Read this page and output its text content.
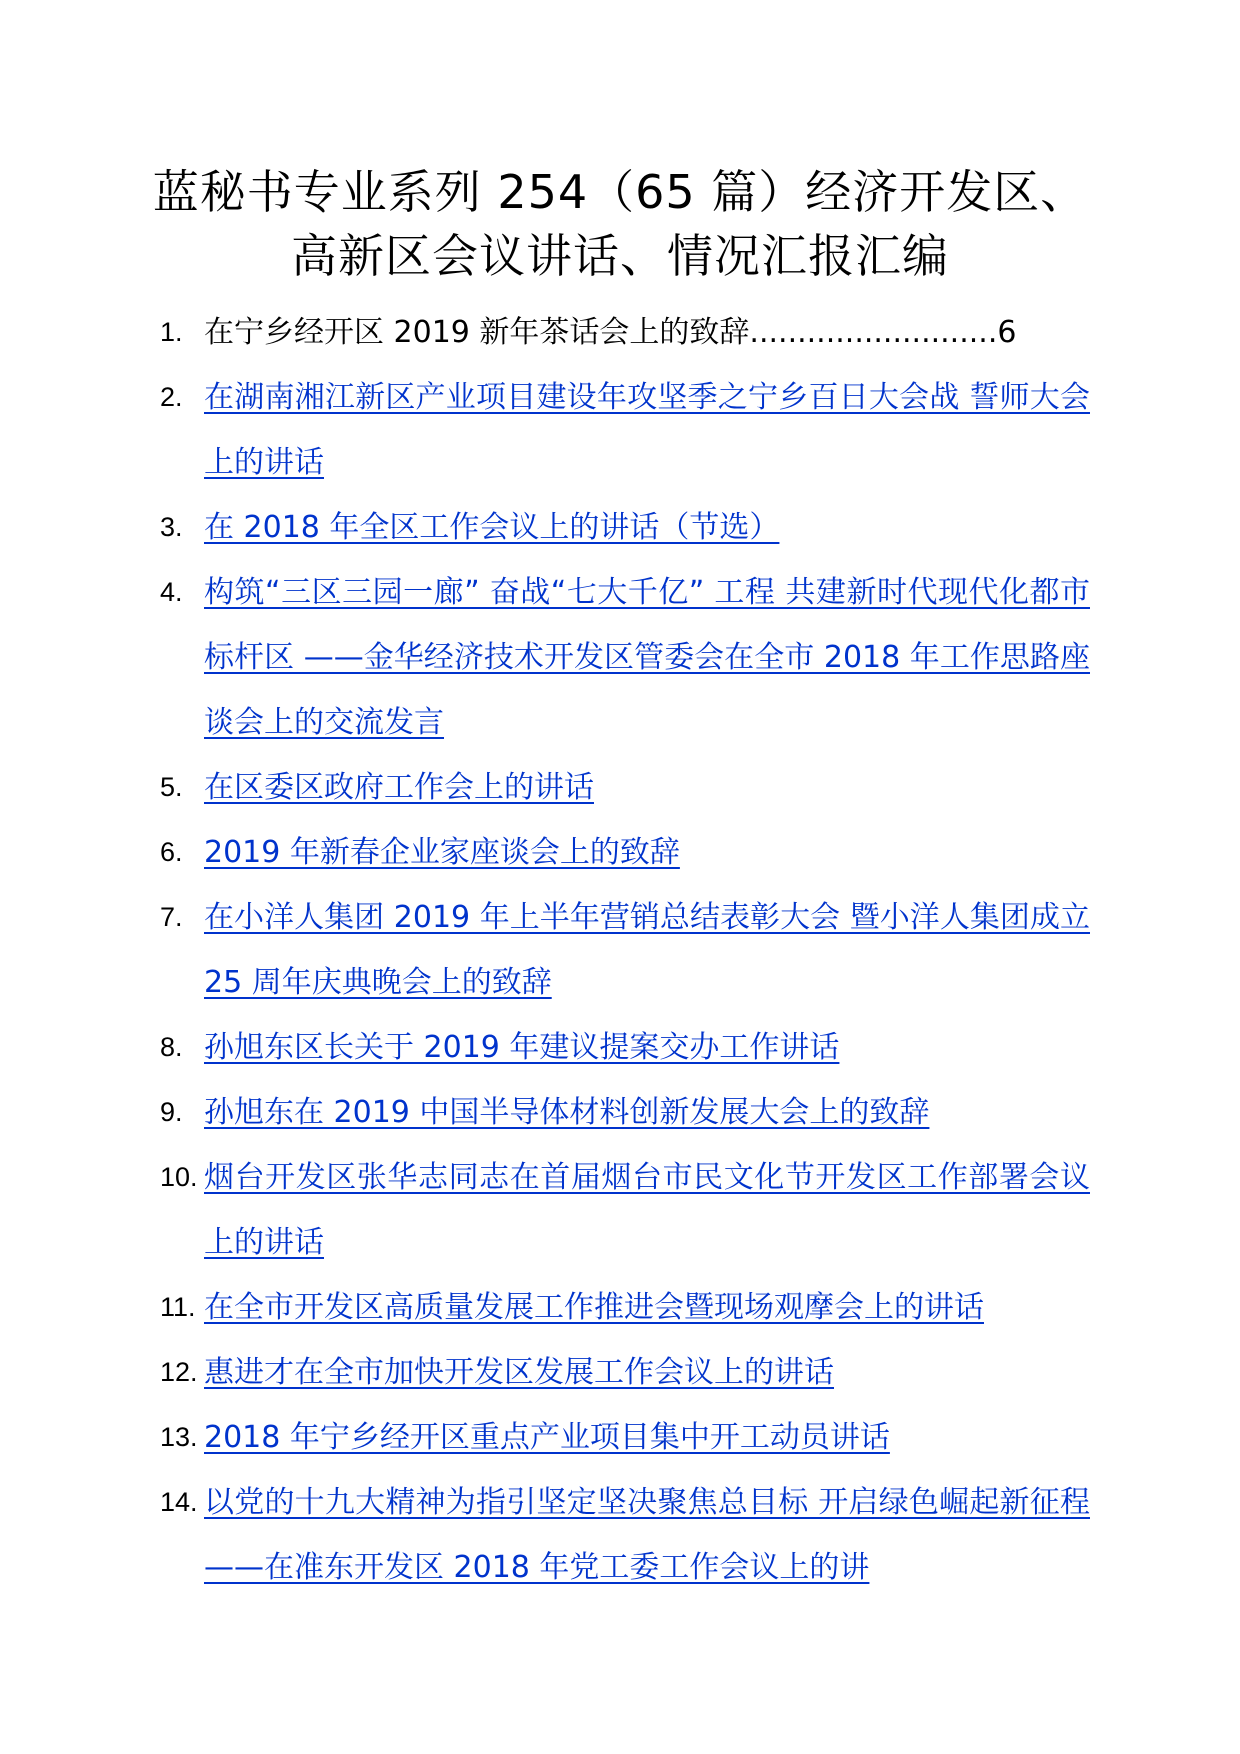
蓝秘书专业系列 254（65 篇）经济开发区、
高新区会议讲话、情况汇报汇编
1. 在宁乡经开区 2019 新年茶话会上的致辞..........................6
2. 在湖南湘江新区产业项目建设年攻坚季之宁乡百日大会战 誓师大会上的讲话
3. 在 2018 年全区工作会议上的讲话（节选）
4. 构筑“三区三园一廊” 奋战“七大千亿” 工程 共建新时代现代化都市标杆区 ——金华经济技术开发区管委会在全市 2018 年工作思路座谈会上的交流发言
5. 在区委区政府工作会上的讲话
6. 2019 年新春企业家座谈会上的致辞
7. 在小洋人集团 2019 年上半年营销总结表彰大会 暨小洋人集团成立 25 周年庆典晚会上的致辞
8. 孙旭东区长关于 2019 年建议提案交办工作讲话
9. 孙旭东在 2019 中国半导体材料创新发展大会上的致辞
10. 烟台开发区张华志同志在首届烟台市民文化节开发区工作部署会议上的讲话
11. 在全市开发区高质量发展工作推进会暨现场观摩会上的讲话
12. 惠进才在全市加快开发区发展工作会议上的讲话
13. 2018 年宁乡经开区重点产业项目集中开工动员讲话
14. 以党的十九大精神为指引坚定坚决聚焦总目标 开启绿色崛起新征程 ——在准东开发区 2018 年党工委工作会议上的讲
